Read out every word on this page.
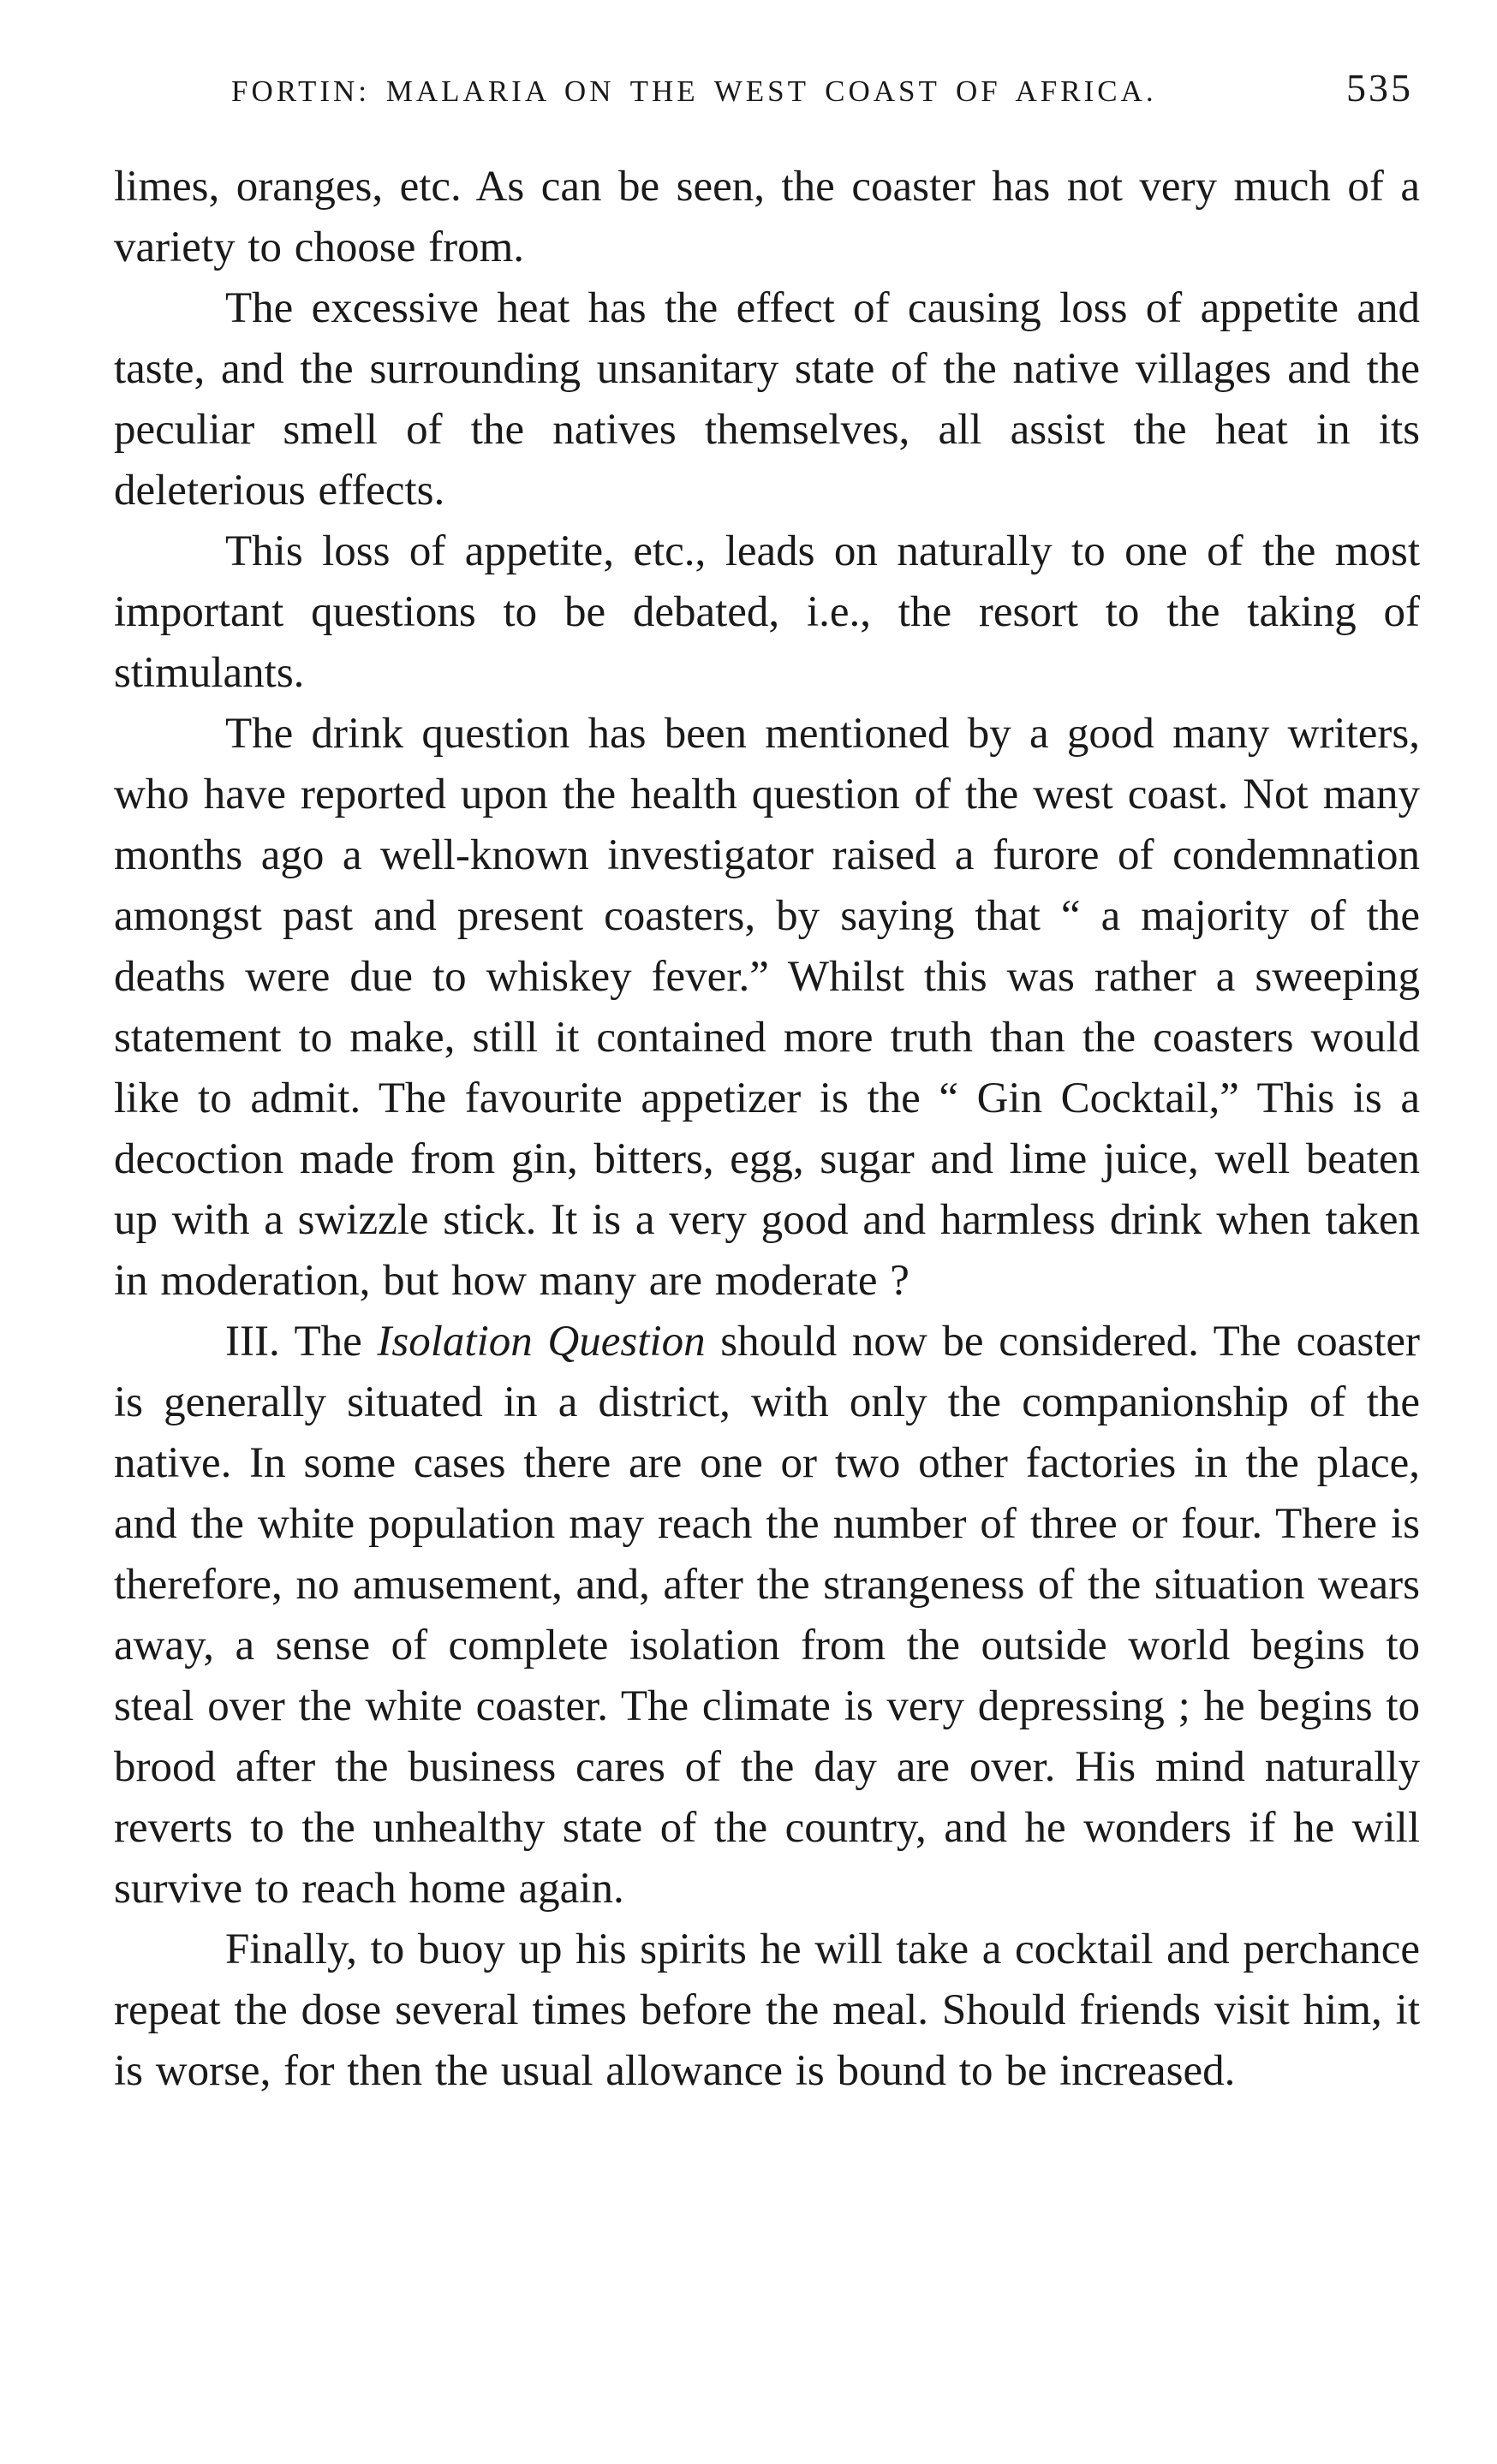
FORTIN: MALARIA ON THE WEST COAST OF AFRICA.	535

limes, oranges, etc. As can be seen, the coaster has not very much of a variety to choose from.

The excessive heat has the effect of causing loss of appetite and taste, and the surrounding unsanitary state of the native villages and the peculiar smell of the natives themselves, all assist the heat in its deleterious effects.

This loss of appetite, etc., leads on naturally to one of the most important questions to be debated, i.e., the resort to the taking of stimulants.

The drink question has been mentioned by a good many writers, who have reported upon the health question of the west coast. Not many months ago a well-known investigator raised a furore of condemnation amongst past and present coasters, by saying that “ a majority of the deaths were due to whiskey fever.” Whilst this was rather a sweeping statement to make, still it contained more truth than the coasters would like to admit. The favourite appetizer is the “ Gin Cocktail,” This is a decoction made from gin, bitters, egg, sugar and lime juice, well beaten up with a swizzle stick. It is a very good and harmless drink when taken in moderation, but how many are moderate ?

III. The Isolation Question should now be considered. The coaster is generally situated in a district, with only the companionship of the native. In some cases there are one or two other factories in the place, and the white population may reach the number of three or four. There is therefore, no amusement, and, after the strangeness of the situation wears away, a sense of complete isolation from the outside world begins to steal over the white coaster. The climate is very depressing ; he begins to brood after the business cares of the day are over. His mind naturally reverts to the unhealthy state of the country, and he wonders if he will survive to reach home again.

Finally, to buoy up his spirits he will take a cocktail and perchance repeat the dose several times before the meal. Should friends visit him, it is worse, for then the usual allowance is bound to be increased.
